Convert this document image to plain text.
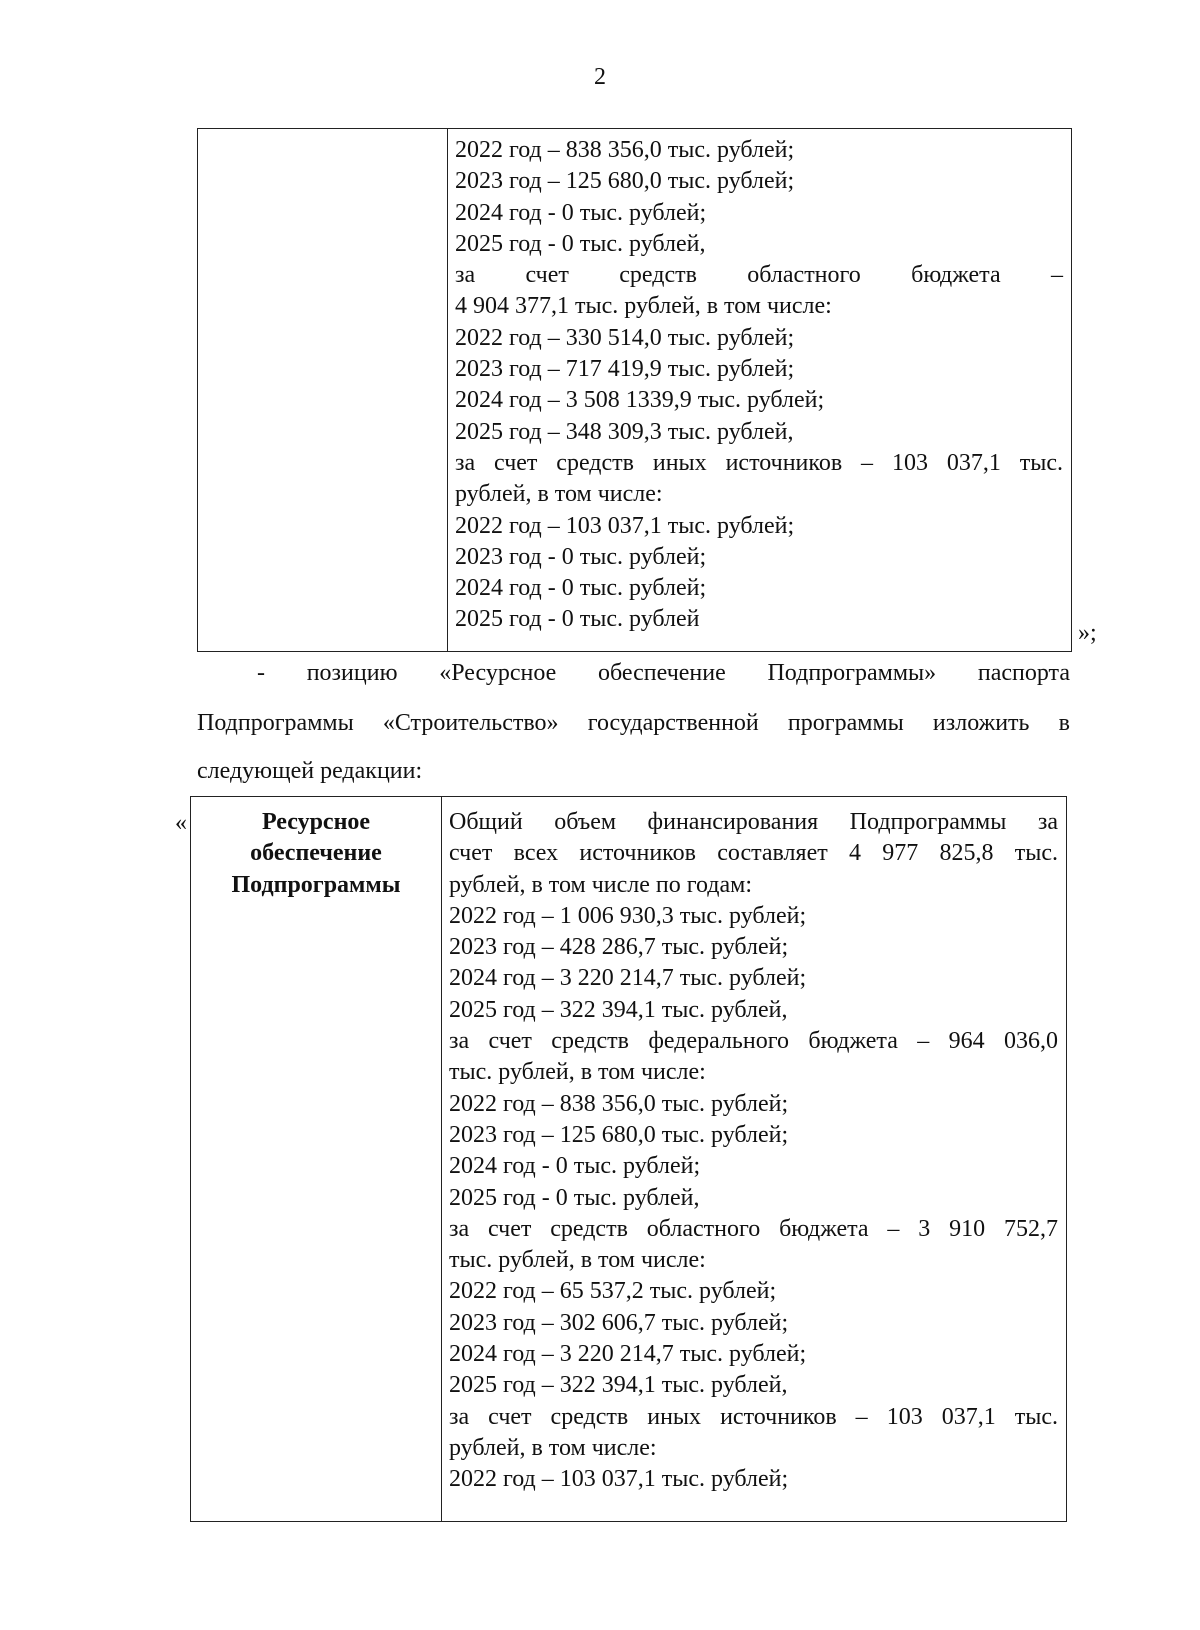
2
2022 год – 838 356,0 тыс. рублей;
2023 год – 125 680,0 тыс. рублей;
2024 год - 0 тыс. рублей;
2025 год - 0 тыс. рублей,
за счет средств областного бюджета –
4 904 377,1 тыс. рублей, в том числе:
2022 год – 330 514,0 тыс. рублей;
2023 год – 717 419,9 тыс. рублей;
2024 год – 3 508 1339,9 тыс. рублей;
2025 год – 348 309,3 тыс. рублей,
за счет средств иных источников – 103 037,1 тыс.
рублей, в том числе:
2022 год – 103 037,1 тыс. рублей;
2023 год - 0 тыс. рублей;
2024 год - 0 тыс. рублей;
2025 год - 0 тыс. рублей
»;

- позицию «Ресурсное обеспечение Подпрограммы» паспорта

Подпрограммы «Строительство» государственной программы изложить в

следующей редакции:

«	Ресурсное
обеспечение
Подпрограммы
Общий объем финансирования Подпрограммы за
счет всех источников составляет 4 977 825,8 тыс.
рублей, в том числе по годам:
2022 год – 1 006 930,3 тыс. рублей;
2023 год – 428 286,7 тыс. рублей;
2024 год – 3 220 214,7 тыс. рублей;
2025 год – 322 394,1 тыс. рублей,
за счет средств федерального бюджета – 964 036,0
тыс. рублей, в том числе:
2022 год – 838 356,0 тыс. рублей;
2023 год – 125 680,0 тыс. рублей;
2024 год - 0 тыс. рублей;
2025 год - 0 тыс. рублей,
за счет средств областного бюджета – 3 910 752,7
тыс. рублей, в том числе:
2022 год – 65 537,2 тыс. рублей;
2023 год – 302 606,7 тыс. рублей;
2024 год – 3 220 214,7 тыс. рублей;
2025 год – 322 394,1 тыс. рублей,
за счет средств иных источников – 103 037,1 тыс.
рублей, в том числе:
2022 год – 103 037,1 тыс. рублей;
